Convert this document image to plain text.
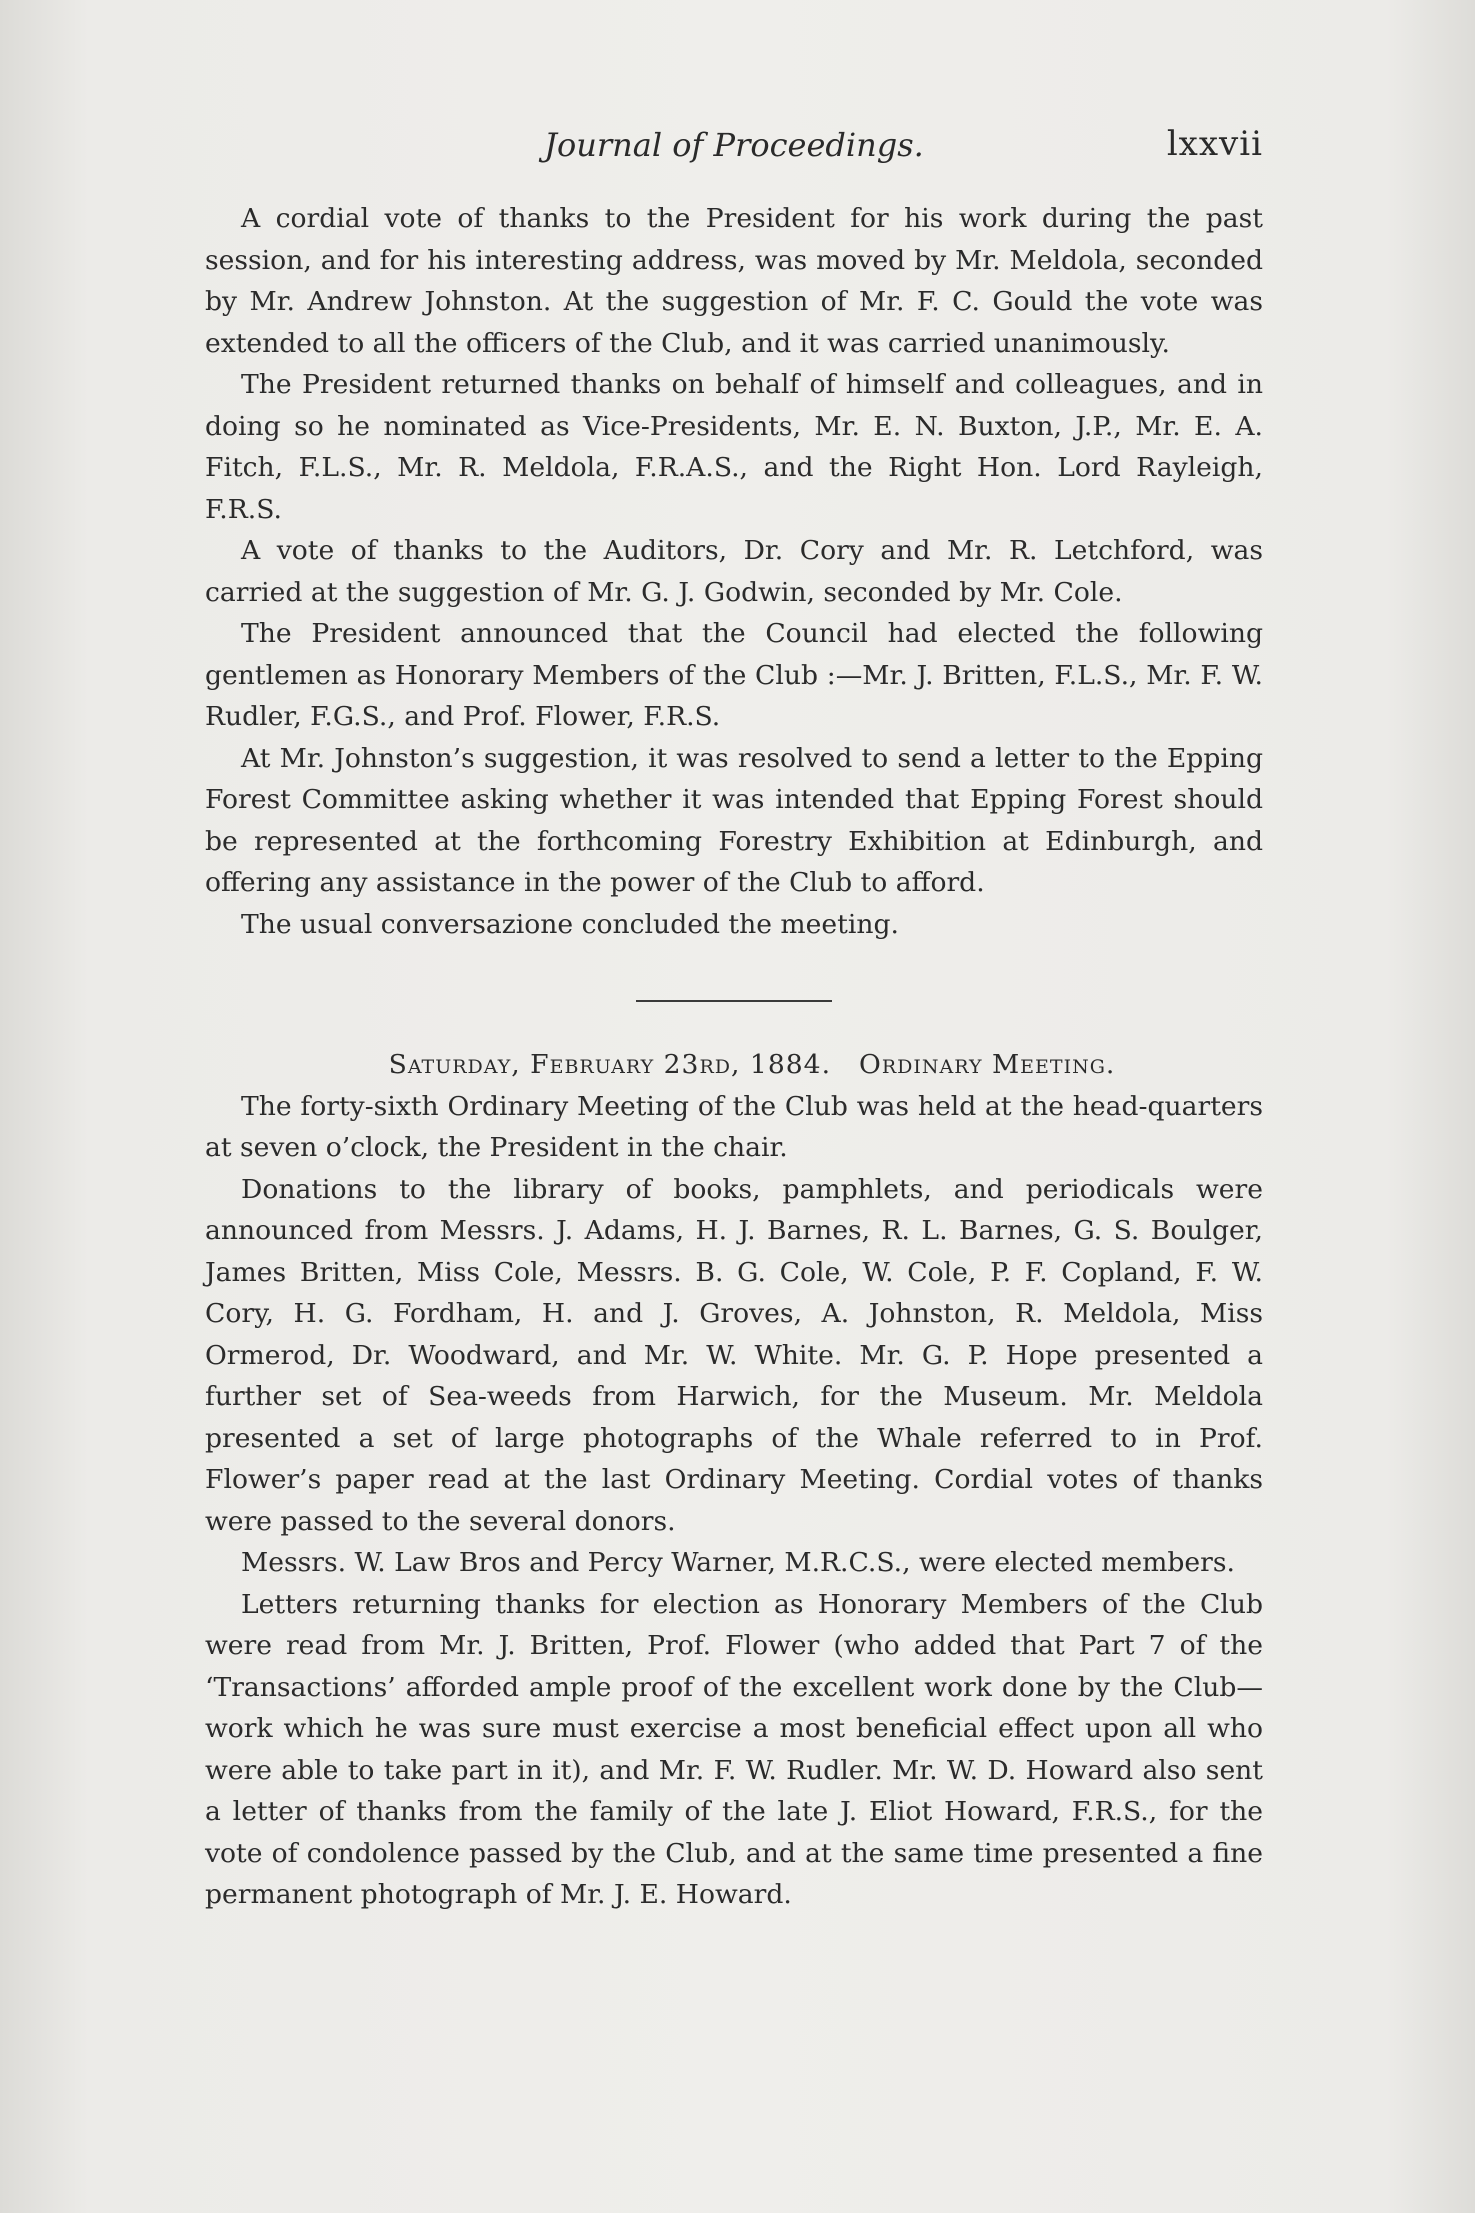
Journal of Proceedings.	lxxvii

A cordial vote of thanks to the President for his work during the past session, and for his interesting address, was moved by Mr. Meldola, seconded by Mr. Andrew Johnston. At the suggestion of Mr. F. C. Gould the vote was extended to all the officers of the Club, and it was carried unanimously.

The President returned thanks on behalf of himself and colleagues, and in doing so he nominated as Vice-Presidents, Mr. E. N. Buxton, J.P., Mr. E. A. Fitch, F.L.S., Mr. R. Meldola, F.R.A.S., and the Right Hon. Lord Rayleigh, F.R.S.

A vote of thanks to the Auditors, Dr. Cory and Mr. R. Letchford, was carried at the suggestion of Mr. G. J. Godwin, seconded by Mr. Cole.

The President announced that the Council had elected the following gentlemen as Honorary Members of the Club :—Mr. J. Britten, F.L.S., Mr. F. W. Rudler, F.G.S., and Prof. Flower, F.R.S.

At Mr. Johnston’s suggestion, it was resolved to send a letter to the Epping Forest Committee asking whether it was intended that Epping Forest should be represented at the forthcoming Forestry Exhibition at Edinburgh, and offering any assistance in the power of the Club to afford.

The usual conversazione concluded the meeting.

Saturday, February 23rd, 1884. Ordinary Meeting.

The forty-sixth Ordinary Meeting of the Club was held at the head-quarters at seven o’clock, the President in the chair.

Donations to the library of books, pamphlets, and periodicals were announced from Messrs. J. Adams, H. J. Barnes, R. L. Barnes, G. S. Boulger, James Britten, Miss Cole, Messrs. B. G. Cole, W. Cole, P. F. Copland, F. W. Cory, H. G. Fordham, H. and J. Groves, A. Johnston, R. Meldola, Miss Ormerod, Dr. Woodward, and Mr. W. White. Mr. G. P. Hope presented a further set of Sea-weeds from Harwich, for the Museum. Mr. Meldola presented a set of large photographs of the Whale referred to in Prof. Flower’s paper read at the last Ordinary Meeting. Cordial votes of thanks were passed to the several donors.

Messrs. W. Law Bros and Percy Warner, M.R.C.S., were elected members.

Letters returning thanks for election as Honorary Members of the Club were read from Mr. J. Britten, Prof. Flower (who added that Part 7 of the ‘Transactions’ afforded ample proof of the excellent work done by the Club—work which he was sure must exercise a most beneficial effect upon all who were able to take part in it), and Mr. F. W. Rudler. Mr. W. D. Howard also sent a letter of thanks from the family of the late J. Eliot Howard, F.R.S., for the vote of condolence passed by the Club, and at the same time presented a fine permanent photograph of Mr. J. E. Howard.
